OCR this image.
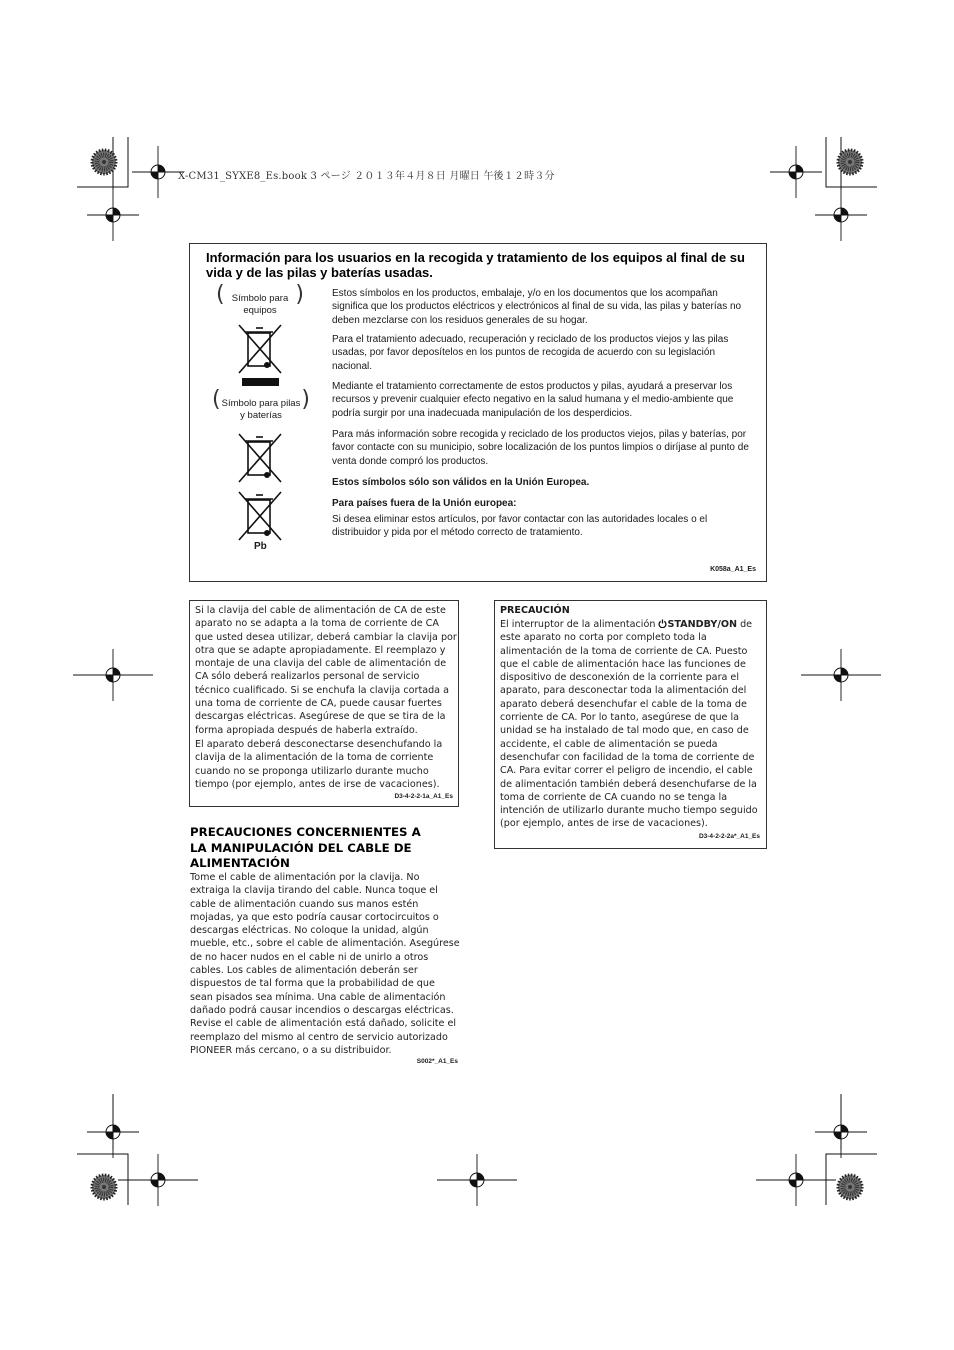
X-CM31_SYXE8_Es.book 3 ページ ２０１３年４月８日 月曜日 午後１２時３分
Información para los usuarios en la recogida y tratamiento de los equipos al final de su vida y de las pilas y baterías usadas.
( Símbolo para equipos
)
( Símbolo para pilas y baterías
)
Pb

Estos símbolos en los productos, embalaje, y/o en los documentos que los acompañan significa que los productos eléctricos y electrónicos al final de su vida, las pilas y baterías no deben mezclarse con los residuos generales de su hogar.

Para el tratamiento adecuado, recuperación y reciclado de los productos viejos y las pilas usadas, por favor deposítelos en los puntos de recogida de acuerdo con su legislación nacional.

Mediante el tratamiento correctamente de estos productos y pilas, ayudará a preservar los recursos y prevenir cualquier efecto negativo en la salud humana y el medio-ambiente que podría surgir por una inadecuada manipulación de los desperdicios.

Para más información sobre recogida y reciclado de los productos viejos, pilas y baterías, por favor contacte con su municipio, sobre localización de los puntos limpios o diríjase al punto de venta donde compró los productos.

Estos símbolos sólo son válidos en la Unión Europea.

Para países fuera de la Unión europea:

Si desea eliminar estos artículos, por favor contactar con las autoridades locales o el distribuidor y pida por el método correcto de tratamiento.

K058a_A1_Es
Si la clavija del cable de alimentación de CA de este aparato no se adapta a la toma de corriente de CA que usted desea utilizar, deberá cambiar la clavija por otra que se adapte apropiadamente. El reemplazo y montaje de una clavija del cable de alimentación de CA sólo deberá realizarlos personal de servicio técnico cualificado. Si se enchufa la clavija cortada a una toma de corriente de CA, puede causar fuertes descargas eléctricas. Asegúrese de que se tira de la forma apropiada después de haberla extraído.
El aparato deberá desconectarse desenchufando la clavija de la alimentación de la toma de corriente cuando no se proponga utilizarlo durante mucho tiempo (por ejemplo, antes de irse de vacaciones).
D3-4-2-2-1a_A1_Es
PRECAUCIONES CONCERNIENTES A LA MANIPULACIÓN DEL CABLE DE ALIMENTACIÓN
Tome el cable de alimentación por la clavija. No extraiga la clavija tirando del cable. Nunca toque el cable de alimentación cuando sus manos estén mojadas, ya que esto podría causar cortocircuitos o descargas eléctricas. No coloque la unidad, algún mueble, etc., sobre el cable de alimentación. Asegúrese de no hacer nudos en el cable ni de unirlo a otros cables. Los cables de alimentación deberán ser dispuestos de tal forma que la probabilidad de que sean pisados sea mínima. Una cable de alimentación dañado podrá causar incendios o descargas eléctricas. Revise el cable de alimentación está dañado, solicite el reemplazo del mismo al centro de servicio autorizado PIONEER más cercano, o a su distribuidor.
S002*_A1_Es
PRECAUCIÓN
El interruptor de la alimentación STANDBY/ON de este aparato no corta por completo toda la alimentación de la toma de corriente de CA. Puesto que el cable de alimentación hace las funciones de dispositivo de desconexión de la corriente para el aparato, para desconectar toda la alimentación del aparato deberá desenchufar el cable de la toma de corriente de CA. Por lo tanto, asegúrese de que la unidad se ha instalado de tal modo que, en caso de accidente, el cable de alimentación se pueda desenchufar con facilidad de la toma de corriente de CA. Para evitar correr el peligro de incendio, el cable de alimentación también deberá desenchufarse de la toma de corriente de CA cuando no se tenga la intención de utilizarlo durante mucho tiempo seguido (por ejemplo, antes de irse de vacaciones).
D3-4-2-2-2a*_A1_Es
